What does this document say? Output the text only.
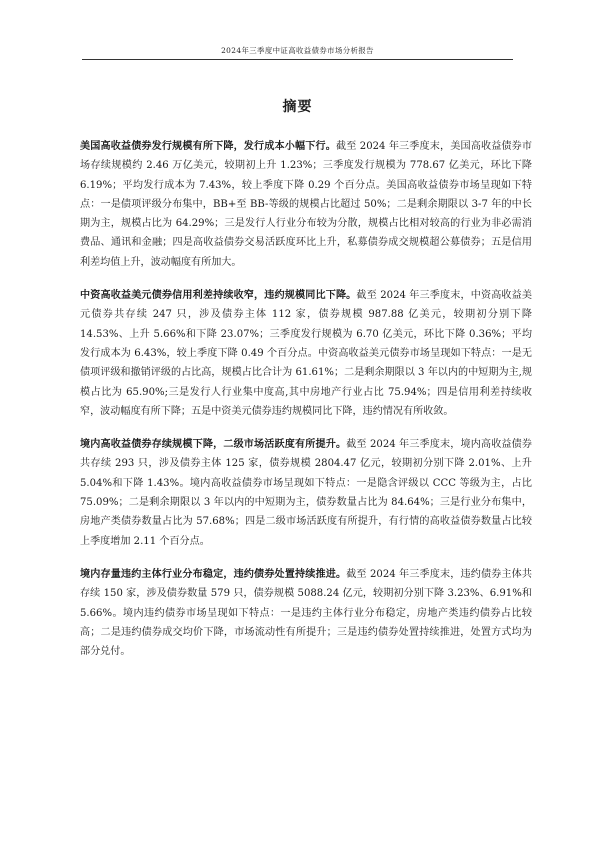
2024年三季度中证高收益债券市场分析报告
摘要

美国高收益债券发行规模有所下降，发行成本小幅下行。截至 2024 年三季度末，美国高收益债券市场存续规模约 2.46 万亿美元，较期初上升 1.23%；三季度发行规模为 778.67 亿美元，环比下降 6.19%；平均发行成本为 7.43%，较上季度下降 0.29 个百分点。美国高收益债券市场呈现如下特点：一是债项评级分布集中，BB+至 BB-等级的规模占比超过 50%；二是剩余期限以 3-7 年的中长期为主，规模占比为 64.29%；三是发行人行业分布较为分散，规模占比相对较高的行业为非必需消费品、通讯和金融；四是高收益债券交易活跃度环比上升，私募债券成交规模超公募债券；五是信用利差均值上升，波动幅度有所加大。

中资高收益美元债券信用利差持续收窄，违约规模同比下降。截至 2024 年三季度末，中资高收益美元债券共存续 247 只，涉及债券主体 112 家，债券规模 987.88 亿美元，较期初分别下降 14.53%、上升 5.66%和下降 23.07%；三季度发行规模为 6.70 亿美元，环比下降 0.36%；平均发行成本为 6.43%，较上季度下降 0.49 个百分点。中资高收益美元债券市场呈现如下特点：一是无债项评级和撤销评级的占比高，规模占比合计为 61.61%；二是剩余期限以 3 年以内的中短期为主,规模占比为 65.90%;三是发行人行业集中度高,其中房地产行业占比 75.94%；四是信用利差持续收窄，波动幅度有所下降；五是中资美元债券违约规模同比下降，违约情况有所收敛。

境内高收益债券存续规模下降，二级市场活跃度有所提升。截至 2024 年三季度末，境内高收益债券共存续 293 只，涉及债券主体 125 家，债券规模 2804.47 亿元，较期初分别下降 2.01%、上升 5.04%和下降 1.43%。境内高收益债券市场呈现如下特点：一是隐含评级以 CCC 等级为主，占比 75.09%；二是剩余期限以 3 年以内的中短期为主，债券数量占比为 84.64%；三是行业分布集中，房地产类债券数量占比为 57.68%；四是二级市场活跃度有所提升，有行情的高收益债券数量占比较上季度增加 2.11 个百分点。

境内存量违约主体行业分布稳定，违约债券处置持续推进。截至 2024 年三季度末，违约债券主体共存续 150 家，涉及债券数量 579 只，债券规模 5088.24 亿元，较期初分别下降 3.23%、6.91%和 5.66%。境内违约债券市场呈现如下特点：一是违约主体行业分布稳定，房地产类违约债券占比较高；二是违约债券成交均价下降，市场流动性有所提升；三是违约债券处置持续推进，处置方式均为部分兑付。
